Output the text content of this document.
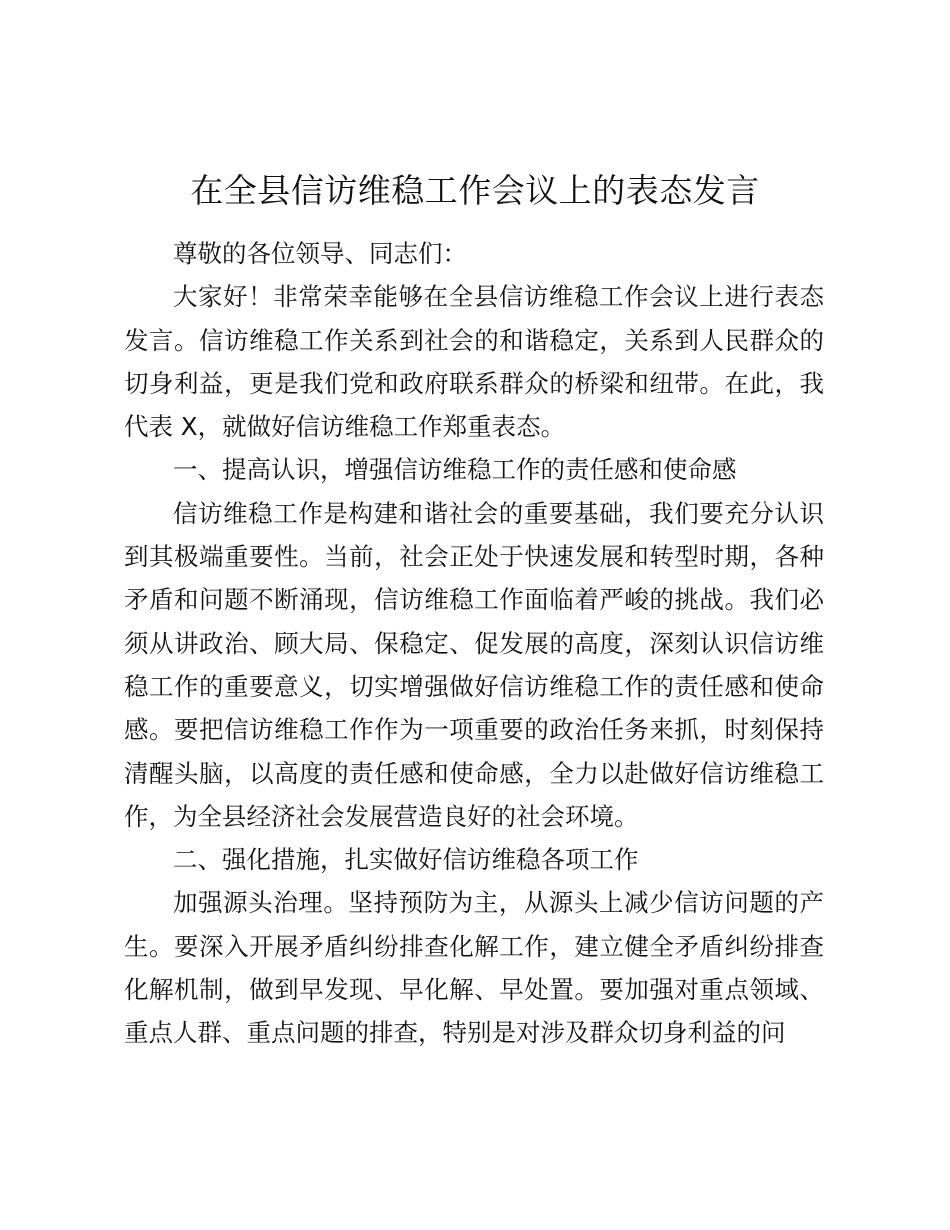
在全县信访维稳工作会议上的表态发言

尊敬的各位领导、同志们：

大家好！非常荣幸能够在全县信访维稳工作会议上进行表态发言。信访维稳工作关系到社会的和谐稳定，关系到人民群众的切身利益，更是我们党和政府联系群众的桥梁和纽带。在此，我代表 X，就做好信访维稳工作郑重表态。

一、提高认识，增强信访维稳工作的责任感和使命感

信访维稳工作是构建和谐社会的重要基础，我们要充分认识到其极端重要性。当前，社会正处于快速发展和转型时期，各种矛盾和问题不断涌现，信访维稳工作面临着严峻的挑战。我们必须从讲政治、顾大局、保稳定、促发展的高度，深刻认识信访维稳工作的重要意义，切实增强做好信访维稳工作的责任感和使命感。要把信访维稳工作作为一项重要的政治任务来抓，时刻保持清醒头脑，以高度的责任感和使命感，全力以赴做好信访维稳工作，为全县经济社会发展营造良好的社会环境。

二、强化措施，扎实做好信访维稳各项工作

加强源头治理。坚持预防为主，从源头上减少信访问题的产生。要深入开展矛盾纠纷排查化解工作，建立健全矛盾纠纷排查化解机制，做到早发现、早化解、早处置。要加强对重点领域、重点人群、重点问题的排查，特别是对涉及群众切身利益的问
